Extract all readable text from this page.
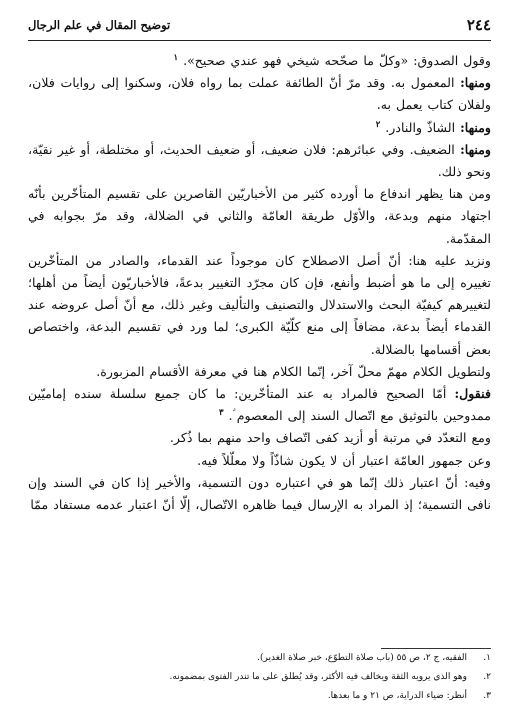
٢٤٤
توضيح المقال في علم الرجال

وقول الصدوق: «وكلّ ما صحّحه شيخي فهو عندي صحيح». $^١$

ومنها: المعمول به. وقد مرّ أنّ الطائفة عملت بما رواه فلان، وسكنوا إلى روايات فلان، ولفلان كتاب يعمل به.

ومنها: الشاذّ والنادر. $^٢$

ومنها: الضعيف. وفي عبائرهم: فلان ضعيف، أو ضعيف الحديث، أو مختلطة، أو غير نقيّة، ونحو ذلك.

ومن هنا يظهر اندفاع ما أورده كثير من الأخباريّين القاصرين على تقسيم المتأخّرين بأنّه اجتهاد منهم وبدعة، والأوّل طريقة العامّة والثاني في الضلالة، وقد مرّ بجوابه في المقدّمة.

ونزيد عليه هنا: أنّ أصل الاصطلاح كان موجوداً عند القدماء، والصادر من المتأخّرين تغييره إلى ما هو أضبط وأنفع، فإن كان مجرّد التغيير بدعةً، فالأخباريّون أيضاً من أهلها؛ لتغييرهم كيفيّة البحث والاستدلال والتصنيف والتأليف وغير ذلك، مع أنّ أصل عروضه عند القدماء أيضاً بدعة، مضافاً إلى منع كلّيّة الكبرى؛ لما ورد في تقسيم البدعة، واختصاص بعض أقسامها بالضلالة.

ولتطويل الكلام مهمّ محلّ آخر، إنّما الكلام هنا في معرفة الأقسام المزبورة.

فنقول: أمّا الصحيح فالمراد به عند المتأخّرين: ما كان جميع سلسلة سنده إماميّين ممدوحين بالتوثيق مع اتّصال السند إلى المعصوم ؑ. $^٣$

ومع التعدّد في مرتبة أو أزيد كفى اتّصاف واحد منهم بما ذُكر.

وعن جمهور العامّة اعتبار أن لا يكون شاذّاً ولا معلّلاً فيه.

وفيه: أنّ اعتبار ذلك إنّما هو في اعتباره دون التسمية، والأخير إذا كان في السند وإن نافى التسمية؛ إذ المراد به الإرسال فيما ظاهره الاتّصال، إلّا أنّ اعتبار عدمه مستفاد ممّا

١.الفقيه، ج ٢، ص ٥٥ (باب صلاة التطوّع، خبر صلاة الغدير).

٢.وهو الذي يرويه الثقة ويخالف فيه الأكثر، وقد يُطلق على ما تندر الفتوى بمضمونه.

٣.أنظر: ضياء الدراية، ص ٢١ و ما بعدها.
